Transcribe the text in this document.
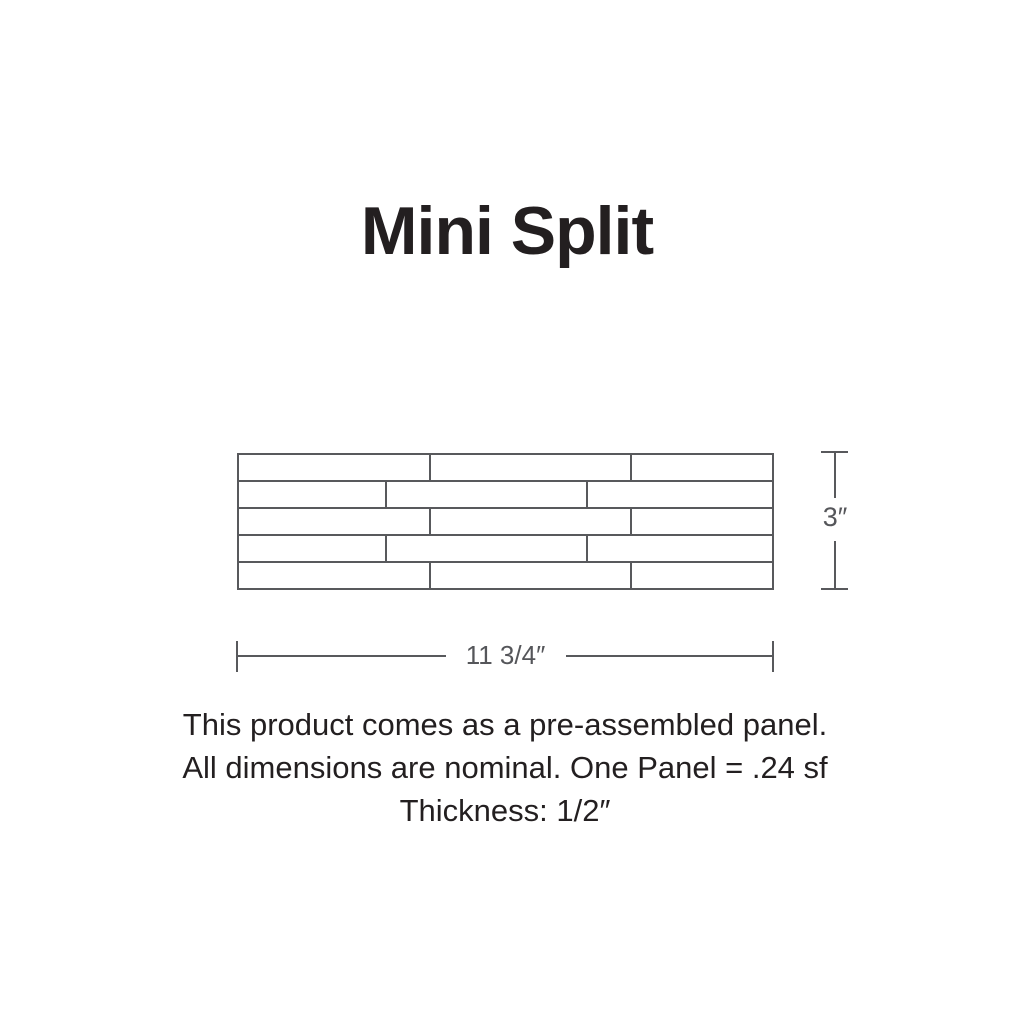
Mini Split
3″
11 3/4″
This product comes as a pre-assembled panel.
All dimensions are nominal. One Panel = .24 sf
Thickness: 1/2″
